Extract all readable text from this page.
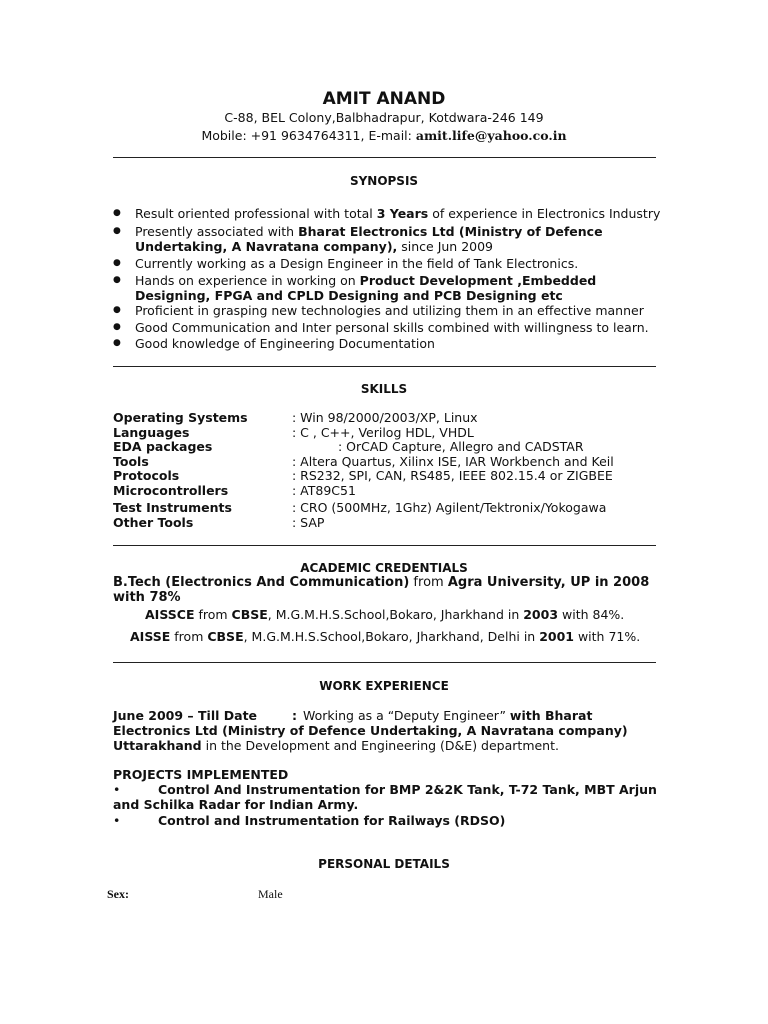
AMIT ANAND
C-88, BEL Colony,Balbhadrapur, Kotdwara-246 149
Mobile: +91 9634764311, E-mail: amit.life@yahoo.co.in
SYNOPSIS
● Result oriented professional with total 3 Years of experience in Electronics Industry
● Presently associated with Bharat Electronics Ltd (Ministry of Defence Undertaking, A Navratana company), since Jun 2009
● Currently working as a Design Engineer in the field of Tank Electronics.
● Hands on experience in working on Product Development ,Embedded Designing, FPGA and CPLD Designing and PCB Designing etc
● Proficient in grasping new technologies and utilizing them in an effective manner
● Good Communication and Inter personal skills combined with willingness to learn.
● Good knowledge of Engineering Documentation
SKILLS
Operating Systems	: Win 98/2000/2003/XP, Linux
Languages	: C , C++, Verilog HDL, VHDL
EDA packages	: OrCAD Capture, Allegro and CADSTAR
Tools	: Altera Quartus, Xilinx ISE, IAR Workbench and Keil
Protocols	: RS232, SPI, CAN, RS485, IEEE 802.15.4 or ZIGBEE
Microcontrollers	: AT89C51
Test Instruments	: CRO (500MHz, 1Ghz) Agilent/Tektronix/Yokogawa
Other Tools	: SAP
ACADEMIC CREDENTIALS
B.Tech (Electronics And Communication) from Agra University, UP in 2008 with 78%
AISSCE from CBSE, M.G.M.H.S.School,Bokaro, Jharkhand in 2003 with 84%.
AISSE from CBSE, M.G.M.H.S.School,Bokaro, Jharkhand, Delhi in 2001 with 71%.
WORK EXPERIENCE
June 2009 – Till Date	: Working as a “Deputy Engineer” with Bharat Electronics Ltd (Ministry of Defence Undertaking, A Navratana company) Uttarakhand in the Development and Engineering (D&E) department.
PROJECTS IMPLEMENTED
•	Control And Instrumentation for BMP 2&2K Tank, T-72 Tank, MBT Arjun and Schilka Radar for Indian Army.
•	Control and Instrumentation for Railways (RDSO)
PERSONAL DETAILS
Sex:	Male
